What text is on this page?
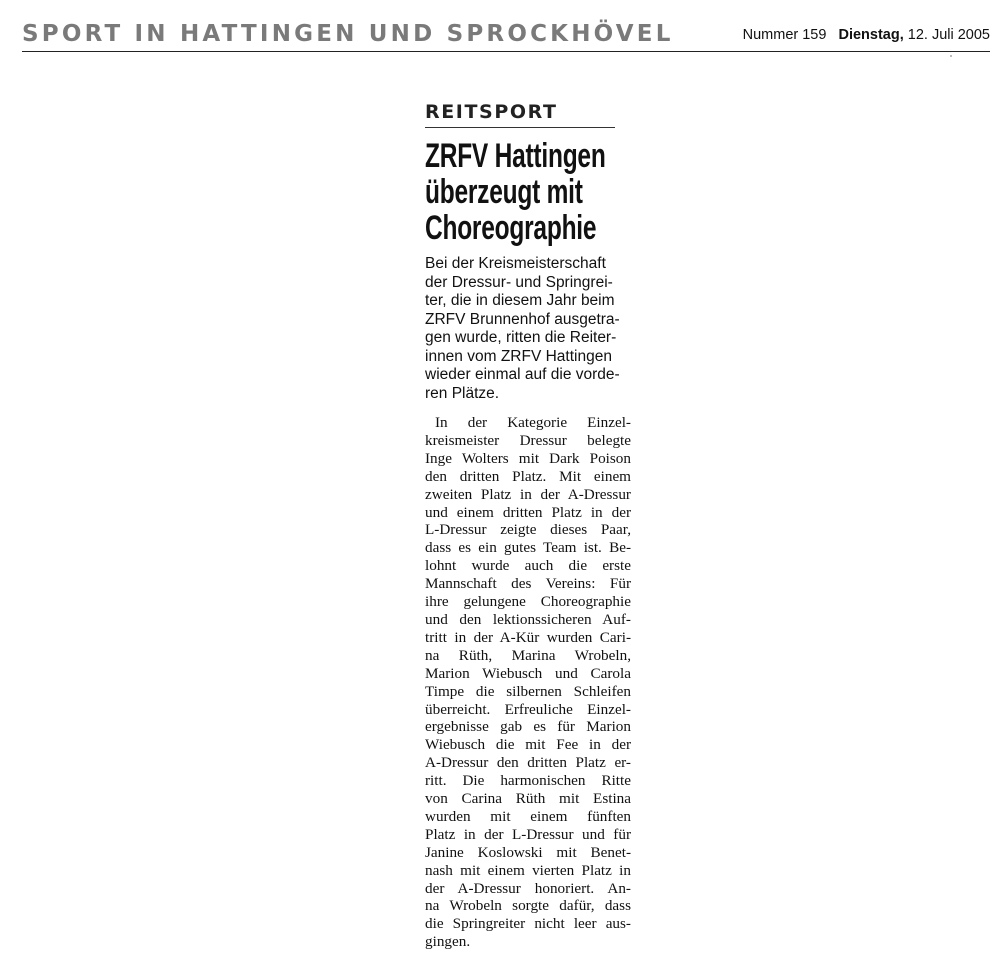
SPORT IN HATTINGEN UND SPROCKHÖVEL	Nummer 159 Dienstag, 12. Juli 2005
REITSPORT
ZRFV Hattingen
überzeugt mit
Choreographie

Bei der Kreismeisterschaft
der Dressur- und Springrei-
ter, die in diesem Jahr beim
ZRFV Brunnenhof ausgetra-
gen wurde, ritten die Reiter-
innen vom ZRFV Hattingen
wieder einmal auf die vorde-
ren Plätze.

In der Kategorie Einzel-
kreismeister Dressur belegte
Inge Wolters mit Dark Poison
den dritten Platz. Mit einem
zweiten Platz in der A-Dressur
und einem dritten Platz in der
L-Dressur zeigte dieses Paar,
dass es ein gutes Team ist. Be-
lohnt wurde auch die erste
Mannschaft des Vereins: Für
ihre gelungene Choreographie
und den lektionssicheren Auf-
tritt in der A-Kür wurden Cari-
na Rüth, Marina Wrobeln,
Marion Wiebusch und Carola
Timpe die silbernen Schleifen
überreicht. Erfreuliche Einzel-
ergebnisse gab es für Marion
Wiebusch die mit Fee in der
A-Dressur den dritten Platz er-
ritt. Die harmonischen Ritte
von Carina Rüth mit Estina
wurden mit einem fünften
Platz in der L-Dressur und für
Janine Koslowski mit Benet-
nash mit einem vierten Platz in
der A-Dressur honoriert. An-
na Wrobeln sorgte dafür, dass
die Springreiter nicht leer aus-
gingen.
